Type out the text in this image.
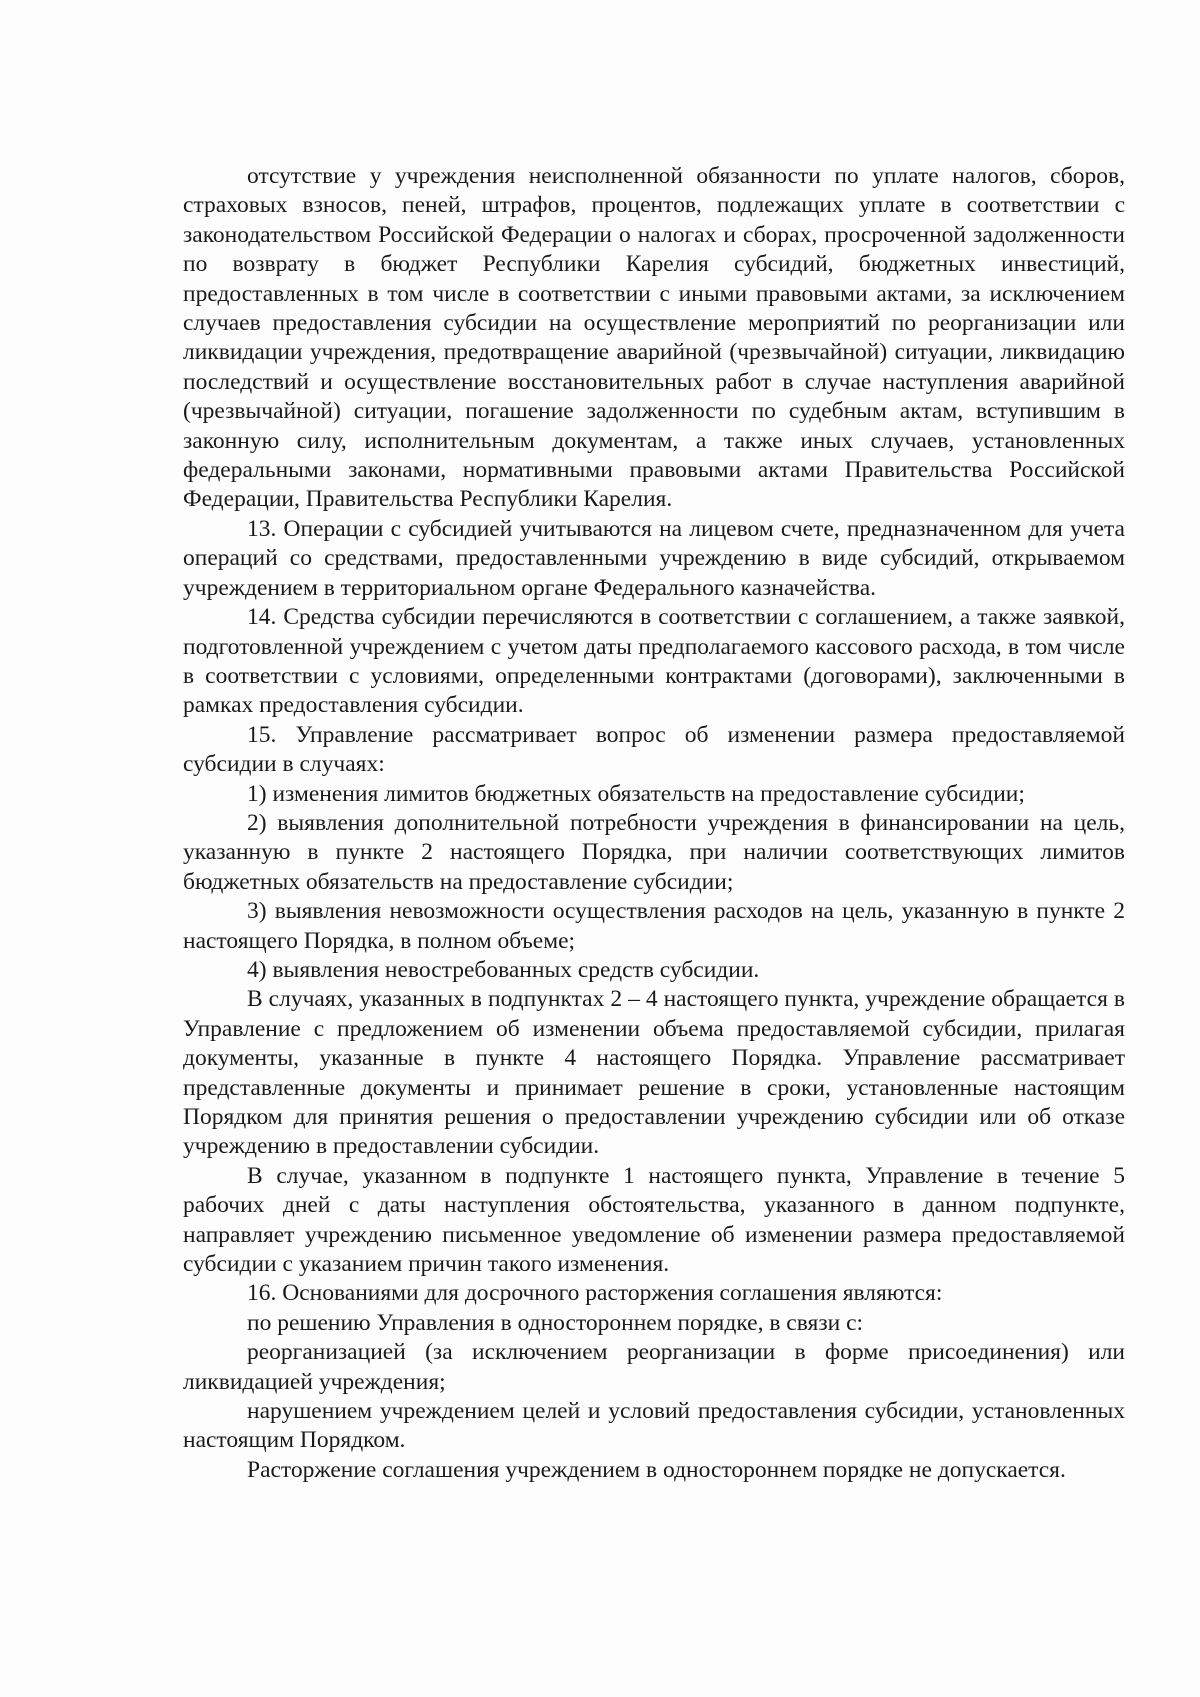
отсутствие у учреждения неисполненной обязанности по уплате налогов, сборов, страховых взносов, пеней, штрафов, процентов, подлежащих уплате в соответствии с законодательством Российской Федерации о налогах и сборах, просроченной задолженности по возврату в бюджет Республики Карелия субсидий, бюджетных инвестиций, предоставленных в том числе в соответствии с иными правовыми актами, за исключением случаев предоставления субсидии на осуществление мероприятий по реорганизации или ликвидации учреждения, предотвращение аварийной (чрезвычайной) ситуации, ликвидацию последствий и осуществление восстановительных работ в случае наступления аварийной (чрезвычайной) ситуации, погашение задолженности по судебным актам, вступившим в законную силу, исполнительным документам, а также иных случаев, установленных федеральными законами, нормативными правовыми актами Правительства Российской Федерации, Правительства Республики Карелия.

13. Операции с субсидией учитываются на лицевом счете, предназначенном для учета операций со средствами, предоставленными учреждению в виде субсидий, открываемом учреждением в территориальном органе Федерального казначейства.

14. Средства субсидии перечисляются в соответствии с соглашением, а также заявкой, подготовленной учреждением с учетом даты предполагаемого кассового расхода, в том числе в соответствии с условиями, определенными контрактами (договорами), заключенными в рамках предоставления субсидии.

15. Управление рассматривает вопрос об изменении размера предоставляемой субсидии в случаях:

1) изменения лимитов бюджетных обязательств на предоставление субсидии;

2) выявления дополнительной потребности учреждения в финансировании на цель, указанную в пункте 2 настоящего Порядка, при наличии соответствующих лимитов бюджетных обязательств на предоставление субсидии;

3) выявления невозможности осуществления расходов на цель, указанную в пункте 2 настоящего Порядка, в полном объеме;

4) выявления невостребованных средств субсидии.

В случаях, указанных в подпунктах 2 – 4 настоящего пункта, учреждение обращается в Управление с предложением об изменении объема предоставляемой субсидии, прилагая документы, указанные в пункте 4 настоящего Порядка. Управление рассматривает представленные документы и принимает решение в сроки, установленные настоящим Порядком для принятия решения о предоставлении учреждению субсидии или об отказе учреждению в предоставлении субсидии.

В случае, указанном в подпункте 1 настоящего пункта, Управление в течение 5 рабочих дней с даты наступления обстоятельства, указанного в данном подпункте, направляет учреждению письменное уведомление об изменении размера предоставляемой субсидии с указанием причин такого изменения.

16. Основаниями для досрочного расторжения соглашения являются:

по решению Управления в одностороннем порядке, в связи с:

реорганизацией (за исключением реорганизации в форме присоединения) или ликвидацией учреждения;

нарушением учреждением целей и условий предоставления субсидии, установленных настоящим Порядком.

Расторжение соглашения учреждением в одностороннем порядке не допускается.
